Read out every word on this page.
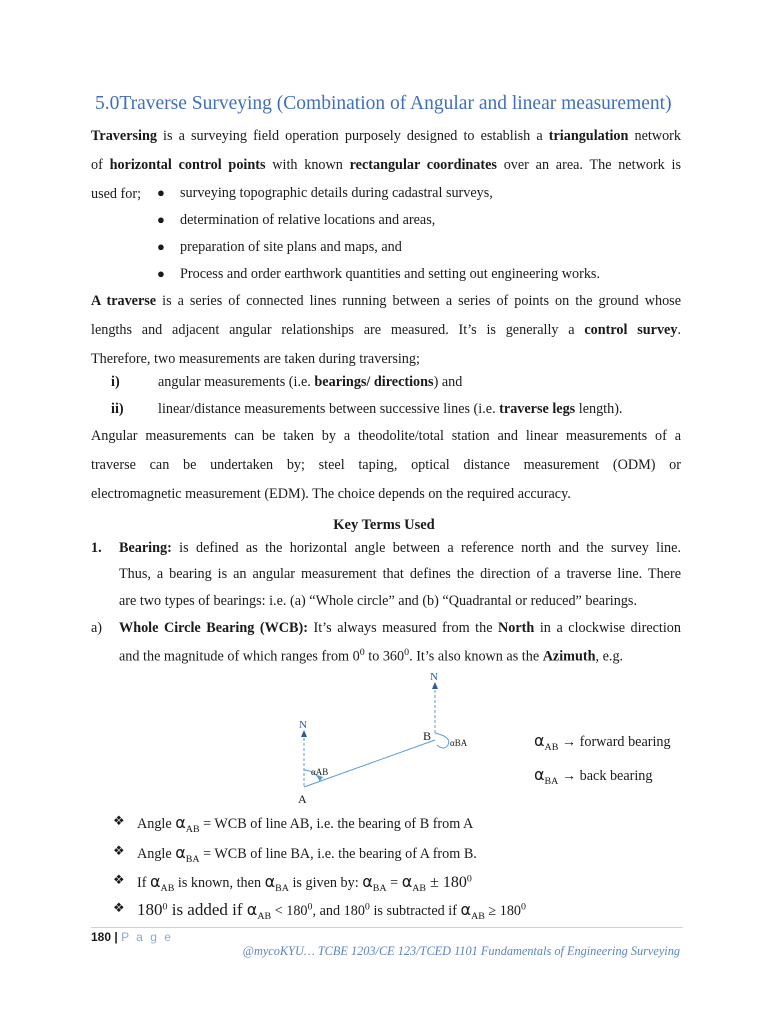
5.0Traverse Surveying (Combination of Angular and linear measurement)
Traversing is a surveying field operation purposely designed to establish a triangulation network
of horizontal control points with known rectangular coordinates over an area. The network is
used for;	● surveying topographic details during cadastral surveys,
● determination of relative locations and areas,
● preparation of site plans and maps, and
● Process and order earthwork quantities and setting out engineering works.
A traverse is a series of connected lines running between a series of points on the ground whose
lengths and adjacent angular relationships are measured. It’s is generally a control survey.
Therefore, two measurements are taken during traversing;
i)	angular measurements (i.e. bearings/ directions) and
ii) linear/distance measurements between successive lines (i.e. traverse legs length).
Angular measurements can be taken by a theodolite/total station and linear measurements of a
traverse can be undertaken by; steel taping, optical distance measurement (ODM) or
electromagnetic measurement (EDM). The choice depends on the required accuracy.
Key Terms Used
1. Bearing: is defined as the horizontal angle between a reference north and the survey line.
Thus, a bearing is an angular measurement that defines the direction of a traverse line. There
are two types of bearings: i.e. (a) “Whole circle” and (b) “Quadrantal or reduced” bearings.
a) Whole Circle Bearing (WCB): It’s always measured from the North in a clockwise direction
and the magnitude of which ranges from $0^0$ to $360^0$. It’s also known as the Azimuth, e.g.
N
N
A
B
αAB
αBA	$\alpha_{AB}$ → forward bearing
$\alpha_{BA}$ → back bearing
❖ Angle $\alpha_{AB}$ = WCB of line AB, i.e. the bearing of B from A
❖ Angle $\alpha_{BA}$ = WCB of line BA, i.e. the bearing of A from B.
❖ If $\alpha_{AB}$ is known, then $\alpha_{BA}$ is given by: $\alpha_{BA} = \alpha_{AB} \pm 180^0$
❖ $180^0$ is added if $\alpha_{AB} < 180^0$, and $180^0$ is subtracted if $\alpha_{AB} \ge 180^0$
180 | P a g e
@mycoKYU… TCBE 1203/CE 123/TCED 1101 Fundamentals of Engineering Surveying
